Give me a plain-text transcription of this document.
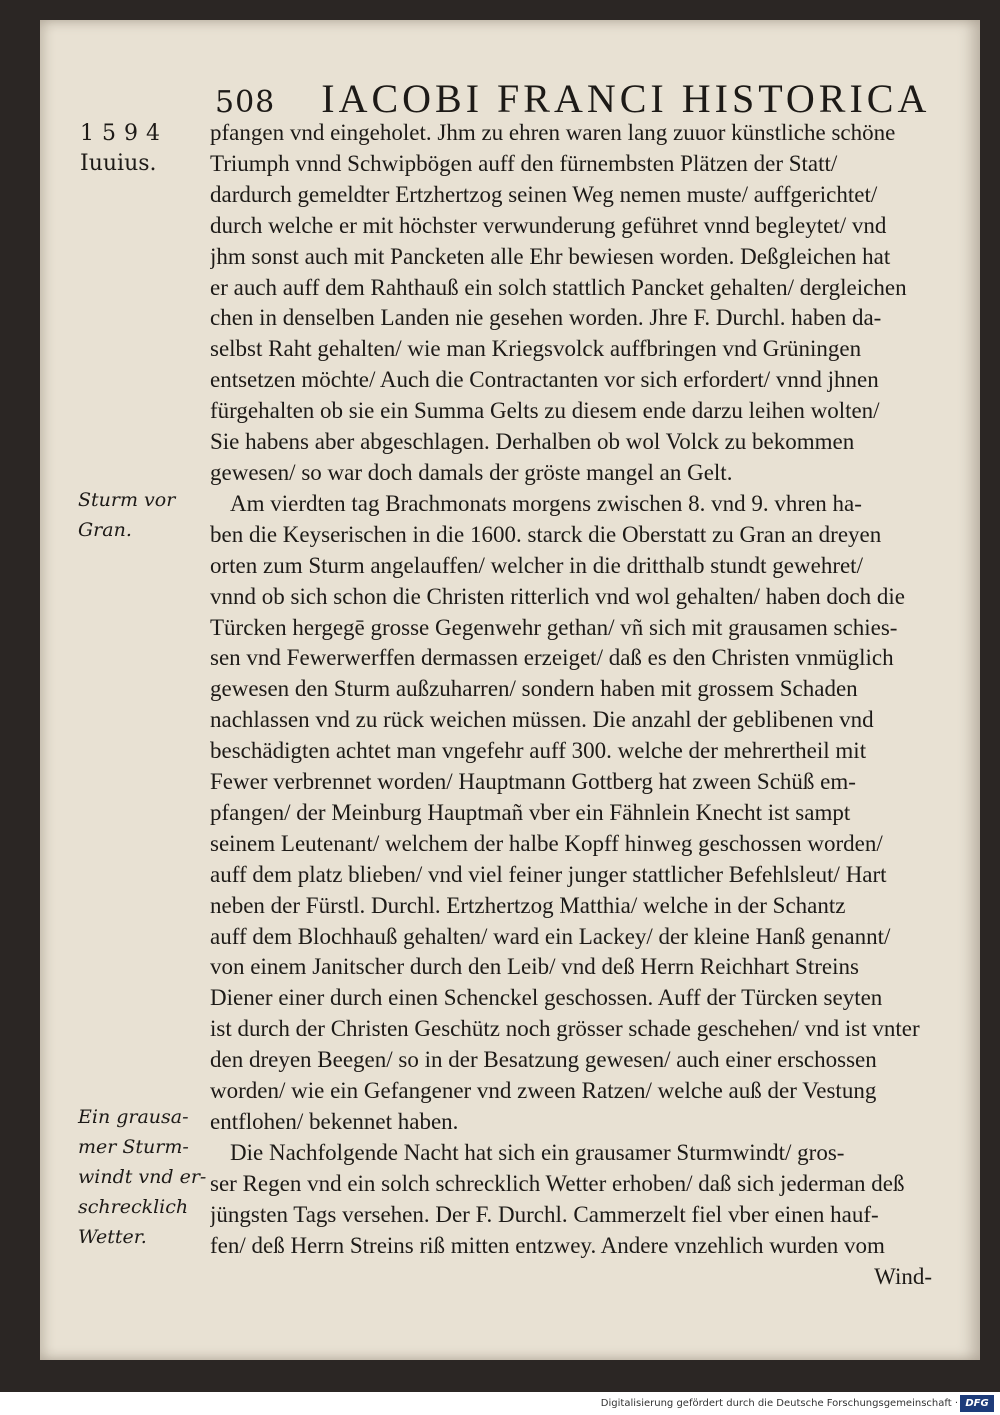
508 IACOBI FRANCI HISTORICA
1594
Iuuius.
Sturm vor
Gran.
Ein grausa-
mer Sturm-
windt vnd er-
schrecklich
Wetter.
pfangen vnd eingeholet. Jhm zu ehren waren lang zuuor künstliche schöne
Triumph vnnd Schwipbögen auff den fürnembsten Plätzen der Statt/
dardurch gemeldter Ertzhertzog seinen Weg nemen muste/ auffgerichtet/
durch welche er mit höchster verwunderung geführet vnnd begleytet/ vnd
jhm sonst auch mit Pancketen alle Ehr bewiesen worden. Deßgleichen hat
er auch auff dem Rahthauß ein solch stattlich Pancket gehalten/ dergleichen
chen in denselben Landen nie gesehen worden. Jhre F. Durchl. haben da-
selbst Raht gehalten/ wie man Kriegsvolck auffbringen vnd Grüningen
entsetzen möchte/ Auch die Contractanten vor sich erfordert/ vnnd jhnen
fürgehalten ob sie ein Summa Gelts zu diesem ende darzu leihen wolten/
Sie habens aber abgeschlagen. Derhalben ob wol Volck zu bekommen
gewesen/ so war doch damals der gröste mangel an Gelt.
Am vierdten tag Brachmonats morgens zwischen 8. vnd 9. vhren ha-
ben die Keyserischen in die 1600. starck die Oberstatt zu Gran an dreyen
orten zum Sturm angelauffen/ welcher in die dritthalb stundt gewehret/
vnnd ob sich schon die Christen ritterlich vnd wol gehalten/ haben doch die
Türcken hergegē grosse Gegenwehr gethan/ vñ sich mit grausamen schies-
sen vnd Fewerwerffen dermassen erzeiget/ daß es den Christen vnmüglich
gewesen den Sturm außzuharren/ sondern haben mit grossem Schaden
nachlassen vnd zu rück weichen müssen. Die anzahl der geblibenen vnd
beschädigten achtet man vngefehr auff 300. welche der mehrertheil mit
Fewer verbrennet worden/ Hauptmann Gottberg hat zween Schüß em-
pfangen/ der Meinburg Hauptmañ vber ein Fähnlein Knecht ist sampt
seinem Leutenant/ welchem der halbe Kopff hinweg geschossen worden/
auff dem platz blieben/ vnd viel feiner junger stattlicher Befehlsleut/ Hart
neben der Fürstl. Durchl. Ertzhertzog Matthia/ welche in der Schantz
auff dem Blochhauß gehalten/ ward ein Lackey/ der kleine Hanß genannt/
von einem Janitscher durch den Leib/ vnd deß Herrn Reichhart Streins
Diener einer durch einen Schenckel geschossen. Auff der Türcken seyten
ist durch der Christen Geschütz noch grösser schade geschehen/ vnd ist vnter
den dreyen Beegen/ so in der Besatzung gewesen/ auch einer erschossen
worden/ wie ein Gefangener vnd zween Ratzen/ welche auß der Vestung
entflohen/ bekennet haben.
Die Nachfolgende Nacht hat sich ein grausamer Sturmwindt/ gros-
ser Regen vnd ein solch schrecklich Wetter erhoben/ daß sich jederman deß
jüngsten Tags versehen. Der F. Durchl. Cammerzelt fiel vber einen hauf-
fen/ deß Herrn Streins riß mitten entzwey. Andere vnzehlich wurden vom
Wind-
Digitalisierung gefördert durch die Deutsche Forschungsgemeinschaft · DFG
